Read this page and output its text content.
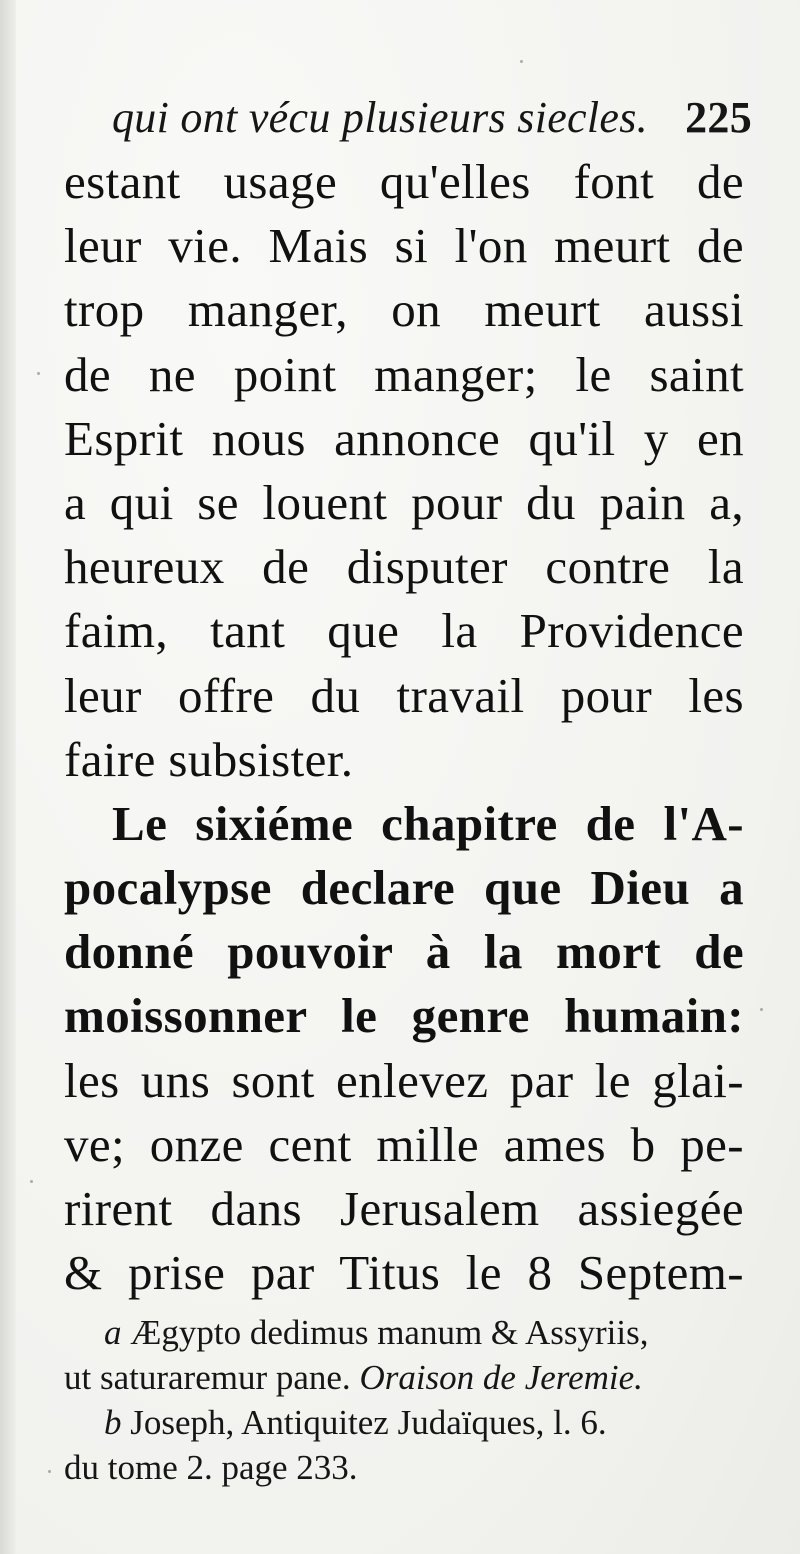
qui ont vécu plusieurs siecles. 225
estant usage qu'elles font de
leur vie. Mais si l'on meurt de
trop manger, on meurt aussi
de ne point manger; le saint
Esprit nous annonce qu'il y en
a qui se louent pour du pain a,
heureux de disputer contre la
faim, tant que la Providence
leur offre du travail pour les
faire subsister.
Le sixiéme chapitre de l'A-
pocalypse declare que Dieu a
donné pouvoir à la mort de
moissonner le genre humain:
les uns sont enlevez par le glai-
ve; onze cent mille ames b pe-
rirent dans Jerusalem assiegée
& prise par Titus le 8 Septem-
a Ægypto dedimus manum & Assyriis,
ut saturaremur pane. Oraison de Jeremie.
b Joseph, Antiquitez Judaïques, l. 6.
du tome 2. page 233.
